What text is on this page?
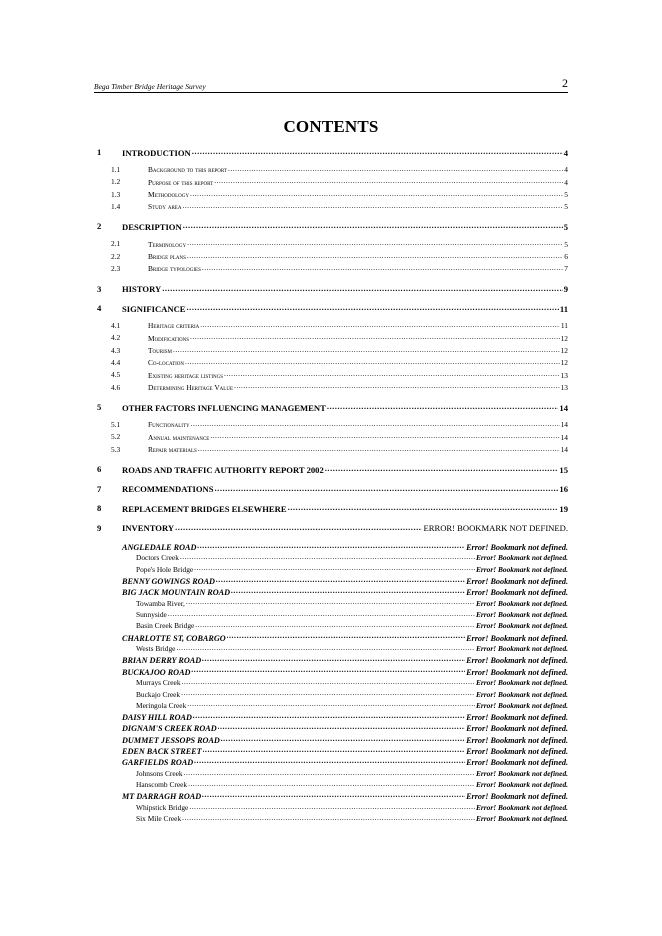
Bega Timber Bridge Heritage Survey	2
CONTENTS
1 INTRODUCTION .....	4
1.1	Background to this report .....	4
1.2	Purpose of this report .....	4
1.3	Methodology .....	5
1.4	Study area .....	5
2 DESCRIPTION .....	5
2.1	Terminology .....	5
2.2	Bridge plans .....	6
2.3	Bridge typologies .....	7
3 HISTORY .....	9
4 SIGNIFICANCE .....	11
4.1	Heritage criteria .....	11
4.2	Modifications .....	12
4.3	Tourism .....	12
4.4	Co-location .....	12
4.5	Existing heritage listings .....	13
4.6	Determining Heritage Value .....	13
5 OTHER FACTORS INFLUENCING MANAGEMENT .....	14
5.1	Functionality .....	14
5.2	Annual maintenance .....	14
5.3	Repair materials .....	14
6 ROADS AND TRAFFIC AUTHORITY REPORT 2002 .....	15
7 RECOMMENDATIONS .....	16
8 REPLACEMENT BRIDGES ELSEWHERE .....	19
9 INVENTORY .....	ERROR! BOOKMARK NOT DEFINED.
ANGLEDALE ROAD .....	Error! Bookmark not defined.
Doctors Creek .....	Error! Bookmark not defined.
Pope's Hole Bridge .....	Error! Bookmark not defined.
BENNY GOWINGS ROAD .....	Error! Bookmark not defined.
BIG JACK MOUNTAIN ROAD .....	Error! Bookmark not defined.
Towamba River, .....	Error! Bookmark not defined.
Sunnyside .....	Error! Bookmark not defined.
Basin Creek Bridge .....	Error! Bookmark not defined.
CHARLOTTE ST, COBARGO .....	Error! Bookmark not defined.
Wests Bridge .....	Error! Bookmark not defined.
BRIAN DERRY ROAD .....	Error! Bookmark not defined.
BUCKAJOO ROAD .....	Error! Bookmark not defined.
Murrays Creek .....	Error! Bookmark not defined.
Buckajo Creek .....	Error! Bookmark not defined.
Meringola Creek .....	Error! Bookmark not defined.
DAISY HILL ROAD .....	Error! Bookmark not defined.
DIGNAM'S CREEK ROAD .....	Error! Bookmark not defined.
DUMMET JESSOPS ROAD .....	Error! Bookmark not defined.
EDEN BACK STREET .....	Error! Bookmark not defined.
GARFIELDS ROAD .....	Error! Bookmark not defined.
Johnsons Creek .....	Error! Bookmark not defined.
Hanscomb Creek .....	Error! Bookmark not defined.
MT DARRAGH ROAD .....	Error! Bookmark not defined.
Whipstick Bridge .....	Error! Bookmark not defined.
Six Mile Creek .....	Error! Bookmark not defined.
